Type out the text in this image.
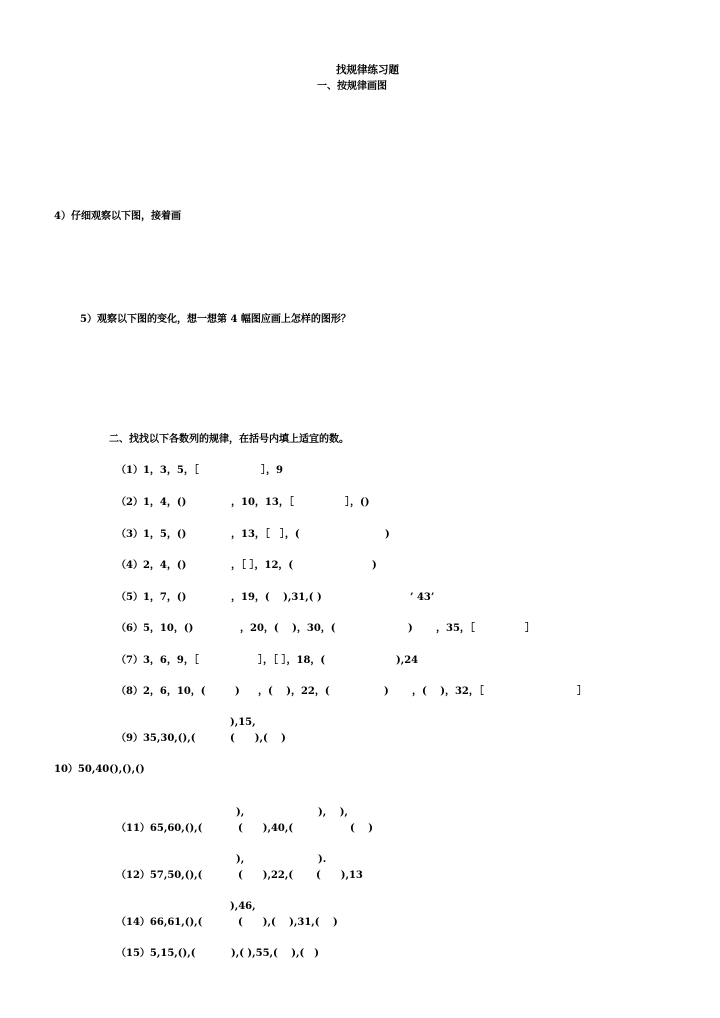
找规律练习题
一、按规律画图
4）仔细观察以下图，接着画
5）观察以下图的变化，想一想第 4 幅图应画上怎样的图形？
二、找找以下各数列的规律，在括号内填上适宜的数。
（1）1，3，5，［	］，9
（2）1，4，()	，10，13，［	］，()
（3）1，5，()	，13，［　］，(	)
（4）2，4，()	，［ ］，12，(	)
（5）1，7，()	，19，(　 ),31,( )	’ 43’
（6）5，10，()	，20，(　 )，30，(	) ，35，［	］
（7）3，6，9，［	］，［ ］，18，(	),24
（8）2，6，10，(	) ，(　 )，22，(	) ，(　 )，32，［	］
),15,
（9）35,30,(),(	(　　),(　 )
10）50,40(),(),()
),	),　 ),
（11）65,60,(),(	(　　),40,(	(　 )
),	).
（12）57,50,(),(	(　　),22,( (　　),13
),46,
（14）66,61,(),(	(　　),(　 ),31,(　 )
（15）5,15,(),(	),( ),55,(　 ),(　)
